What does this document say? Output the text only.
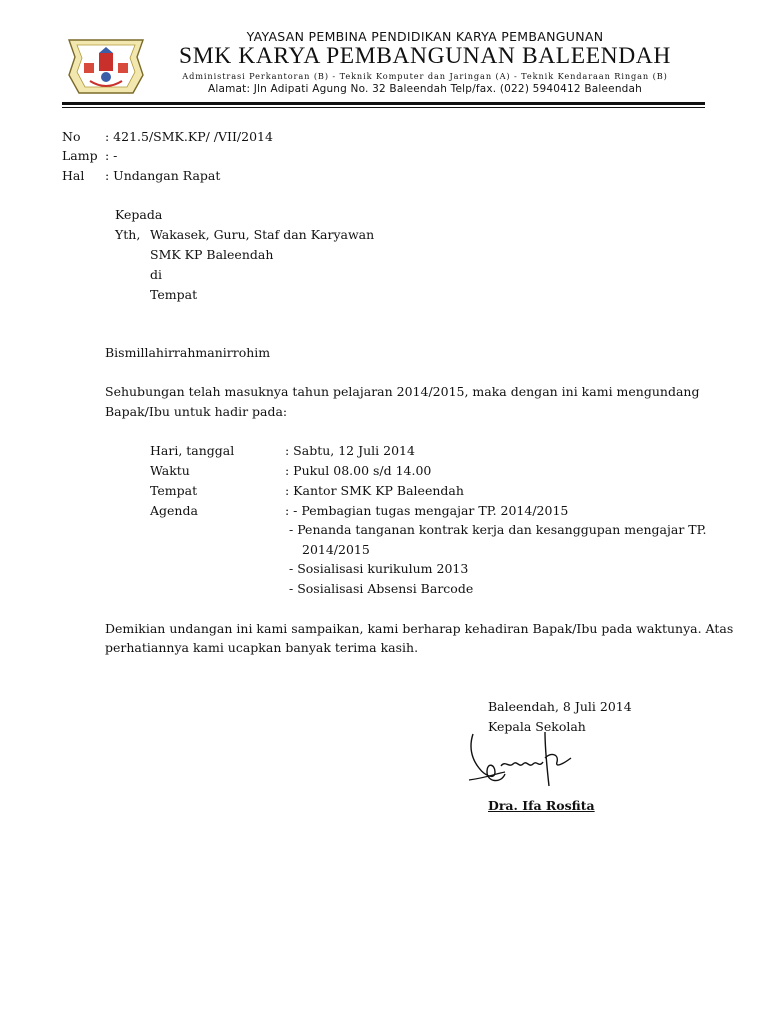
YAYASAN PEMBINA PENDIDIKAN KARYA PEMBANGUNAN
SMK KARYA PEMBANGUNAN BALEENDAH
Administrasi Perkantoran (B) - Teknik Komputer dan Jaringan (A) - Teknik Kendaraan Ringan (B)
Alamat: Jln Adipati Agung No. 32 Baleendah Telp/fax. (022) 5940412 Baleendah
No : 421.5/SMK.KP/ /VII/2014
Lamp : -
Hal : Undangan Rapat
Kepada
Yth, Wakasek, Guru, Staf dan Karyawan
SMK KP Baleendah
di
Tempat
Bismillahirrahmanirrohim
Sehubungan telah masuknya tahun pelajaran 2014/2015, maka dengan ini kami mengundang
Bapak/Ibu untuk hadir pada:
Hari, tanggal	: Sabtu, 12 Juli 2014
Waktu	: Pukul 08.00 s/d 14.00
Tempat	: Kantor SMK KP Baleendah
Agenda	: - Pembagian tugas mengajar TP. 2014/2015
- Penanda tanganan kontrak kerja dan kesanggupan mengajar TP.
2014/2015
- Sosialisasi kurikulum 2013
- Sosialisasi Absensi Barcode
Demikian undangan ini kami sampaikan, kami berharap kehadiran Bapak/Ibu pada waktunya. Atas
perhatiannya kami ucapkan banyak terima kasih.
Baleendah, 8 Juli 2014
Kepala Sekolah
Dra. Ifa Rosfita
